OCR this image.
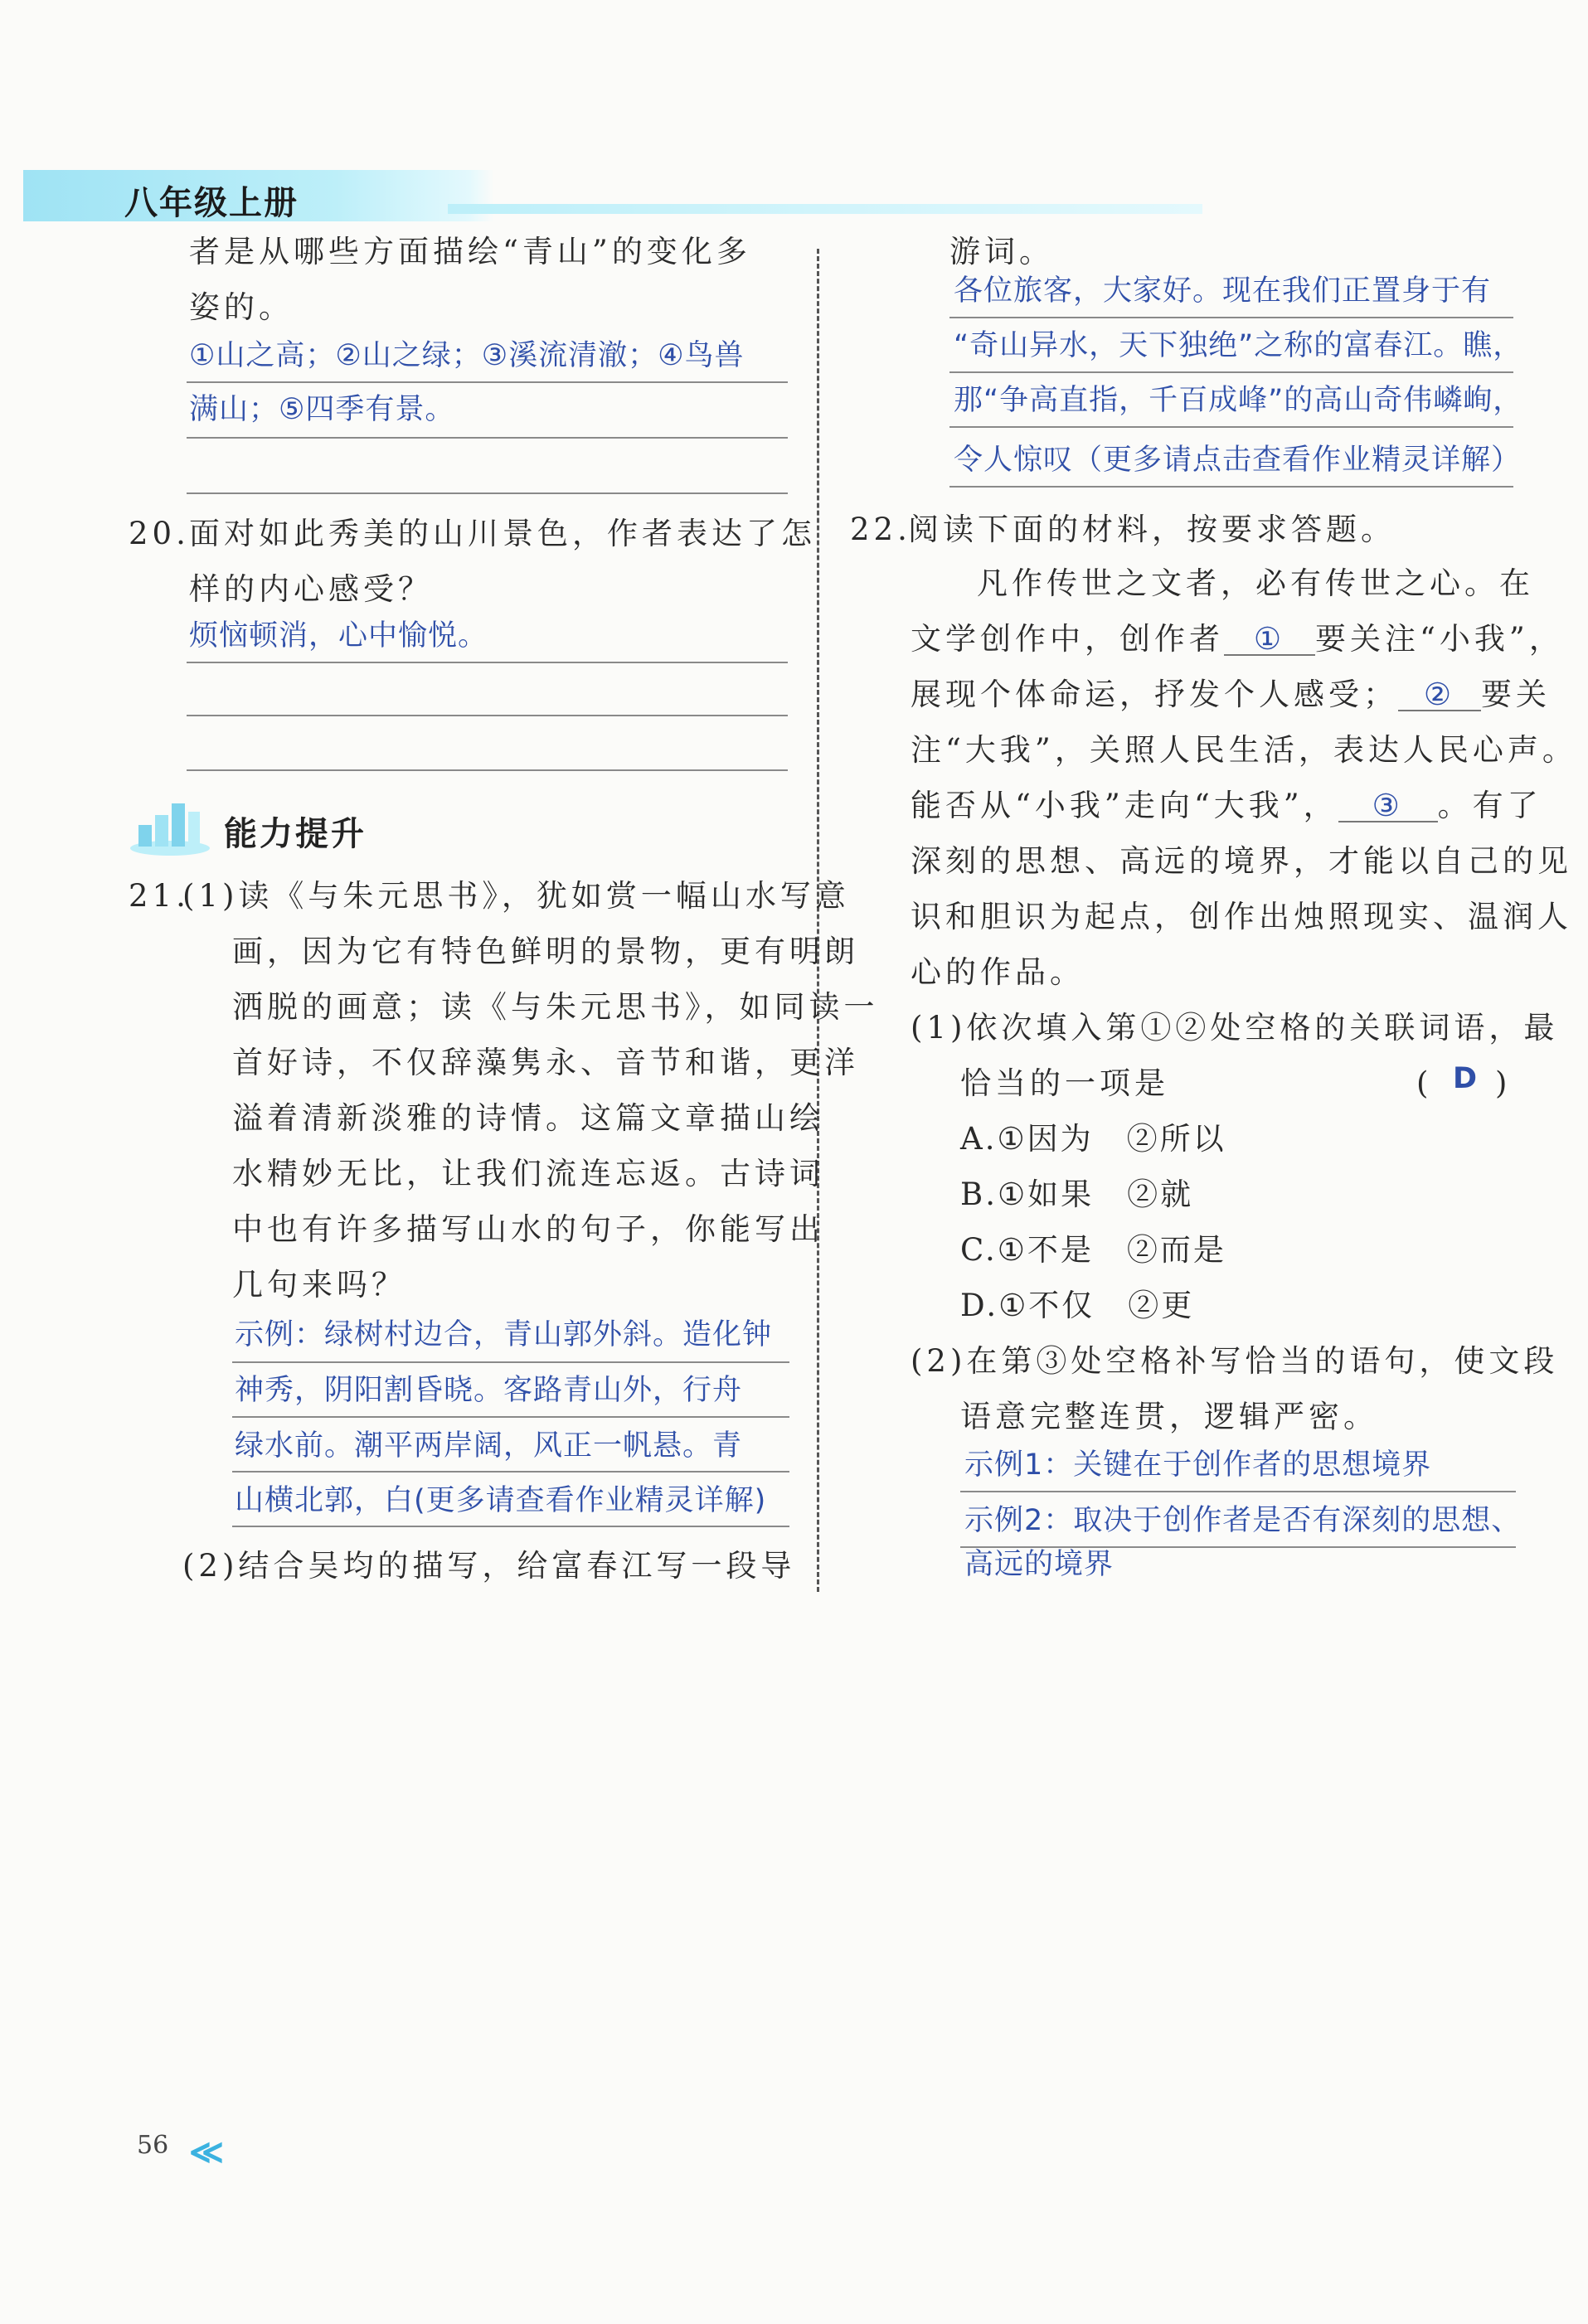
八年级上册
者是从哪些方面描绘“青山”的变化多
姿的。
①山之高；②山之绿；③溪流清澈；④鸟兽
满山；⑤四季有景。
20. 面对如此秀美的山川景色，作者表达了怎
样的内心感受？
烦恼顿消，心中愉悦。
能力提升
21.
(1)读《与朱元思书》，犹如赏一幅山水写意
画，因为它有特色鲜明的景物，更有明朗
洒脱的画意；读《与朱元思书》，如同读一
首好诗，不仅辞藻隽永、音节和谐，更洋
溢着清新淡雅的诗情。这篇文章描山绘
水精妙无比，让我们流连忘返。古诗词
中也有许多描写山水的句子，你能写出
几句来吗？
示例：绿树村边合，青山郭外斜。造化钟
神秀，阴阳割昏晓。客路青山外，行舟
绿水前。潮平两岸阔，风正一帆悬。青
山横北郭，白(更多请查看作业精灵详解)
(2)结合吴均的描写，给富春江写一段导
游词。
各位旅客，大家好。现在我们正置身于有
“奇山异水，天下独绝”之称的富春江。瞧，
那“争高直指，千百成峰”的高山奇伟嶙峋，
令人惊叹（更多请点击查看作业精灵详解）
22.
阅读下面的材料，按要求答题。
凡作传世之文者，必有传世之心。在
文学创作中，创作者 ① 要关注“小我”，
展现个体命运，抒发个人感受； ② 要关
注“大我”，关照人民生活，表达人民心声。
能否从“小我”走向“大我”， ③ 。有了
深刻的思想、高远的境界，才能以自己的见
识和胆识为起点，创作出烛照现实、温润人
心的作品。
(1)依次填入第①②处空格的关联词语，最
恰当的一项是	( D )
A.①因为　②所以
B.①如果　②就
C.①不是　②而是
D.①不仅　②更
(2)在第③处空格补写恰当的语句，使文段
语意完整连贯，逻辑严密。
示例1：关键在于创作者的思想境界
示例2：取决于创作者是否有深刻的思想、
高远的境界
56 ≪
